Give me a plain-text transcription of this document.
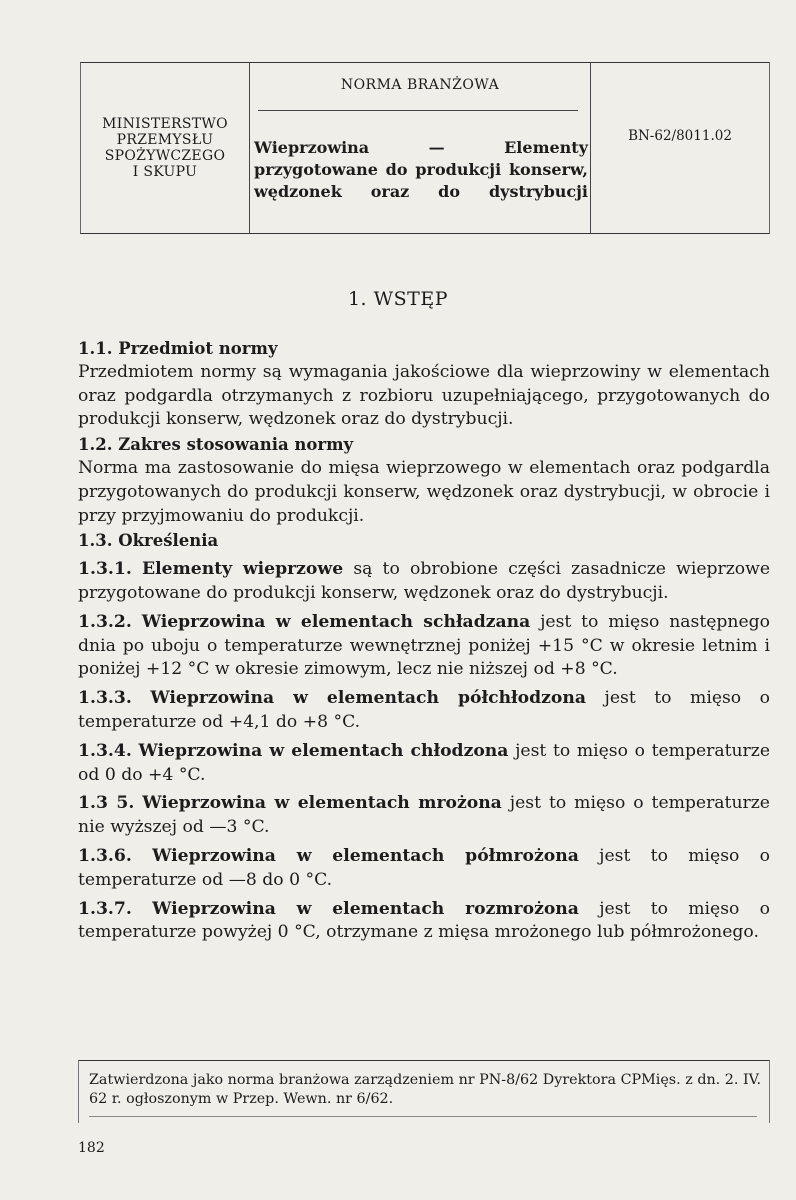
MINISTERSTWO
PRZEMYSŁU
SPOŻYWCZEGO
I SKUPU
NORMA BRANŻOWA
Wieprzowina — Elementy przygotowane do produkcji konserw, wędzonek oraz do dystrybucji
BN-62/8011.02
1. WSTĘP

1.1. Przedmiot normy

Przedmiotem normy są wymagania jakościowe dla wieprzowiny w elementach oraz podgardla otrzymanych z rozbioru uzupełniającego, przygotowanych do produkcji konserw, wędzonek oraz do dystrybucji.

1.2. Zakres stosowania normy

Norma ma zastosowanie do mięsa wieprzowego w elementach oraz podgardla przygotowanych do produkcji konserw, wędzonek oraz dystrybucji, w obrocie i przy przyjmowaniu do produkcji.

1.3. Określenia

1.3.1. Elementy wieprzowe są to obrobione części zasadnicze wieprzowe przygotowane do produkcji konserw, wędzonek oraz do dystrybucji.

1.3.2. Wieprzowina w elementach schładzana jest to mięso następnego dnia po uboju o temperaturze wewnętrznej poniżej +15 °C w okresie letnim i poniżej +12 °C w okresie zimowym, lecz nie niższej od +8 °C.

1.3.3. Wieprzowina w elementach półchłodzona jest to mięso o temperaturze od +4,1 do +8 °C.

1.3.4. Wieprzowina w elementach chłodzona jest to mięso o temperaturze od 0 do +4 °C.

1.3 5. Wieprzowina w elementach mrożona jest to mięso o temperaturze nie wyższej od —3 °C.

1.3.6. Wieprzowina w elementach półmrożona jest to mięso o temperaturze od —8 do 0 °C.

1.3.7. Wieprzowina w elementach rozmrożona jest to mięso o temperaturze powyżej 0 °C, otrzymane z mięsa mrożonego lub półmrożonego.

Zatwierdzona jako norma branżowa zarządzeniem nr PN-8/62 Dyrektora CPMięs. z dn. 2. IV. 62 r. ogłoszonym w Przep. Wewn. nr 6/62.

182
